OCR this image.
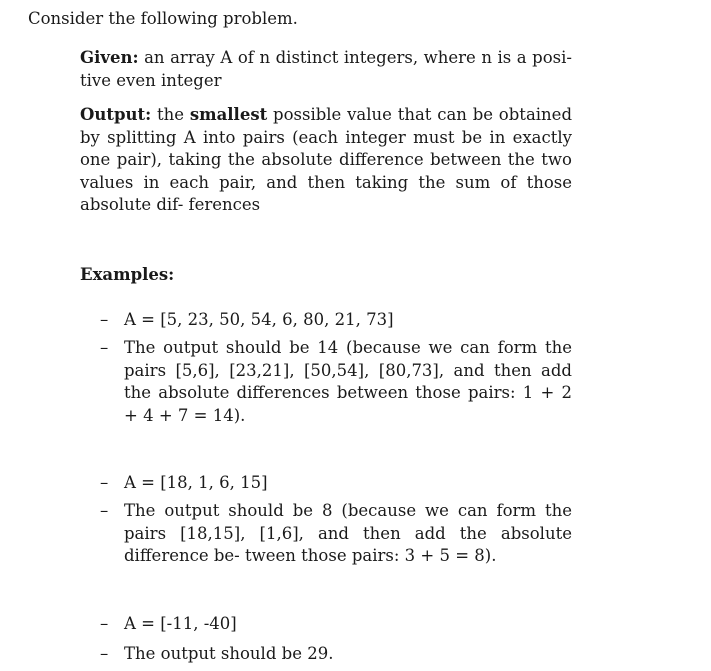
Consider the following problem.

Given: an array A of n distinct integers, where n is a posi- tive even integer

Output: the smallest possible value that can be obtained by splitting A into pairs (each integer must be in exactly one pair), taking the absolute difference between the two values in each pair, and then taking the sum of those absolute dif- ferences

Examples:

– A = [5, 23, 50, 54, 6, 80, 21, 73]
– The output should be 14 (because we can form the pairs [5,6], [23,21], [50,54], [80,73], and then add the absolute differences between those pairs: 1 + 2 + 4 + 7 = 14).
– A = [18, 1, 6, 15]
– The output should be 8 (because we can form the pairs [18,15], [1,6], and then add the absolute difference be- tween those pairs: 3 + 5 = 8).
– A = [-11, -40]
– The output should be 29.
